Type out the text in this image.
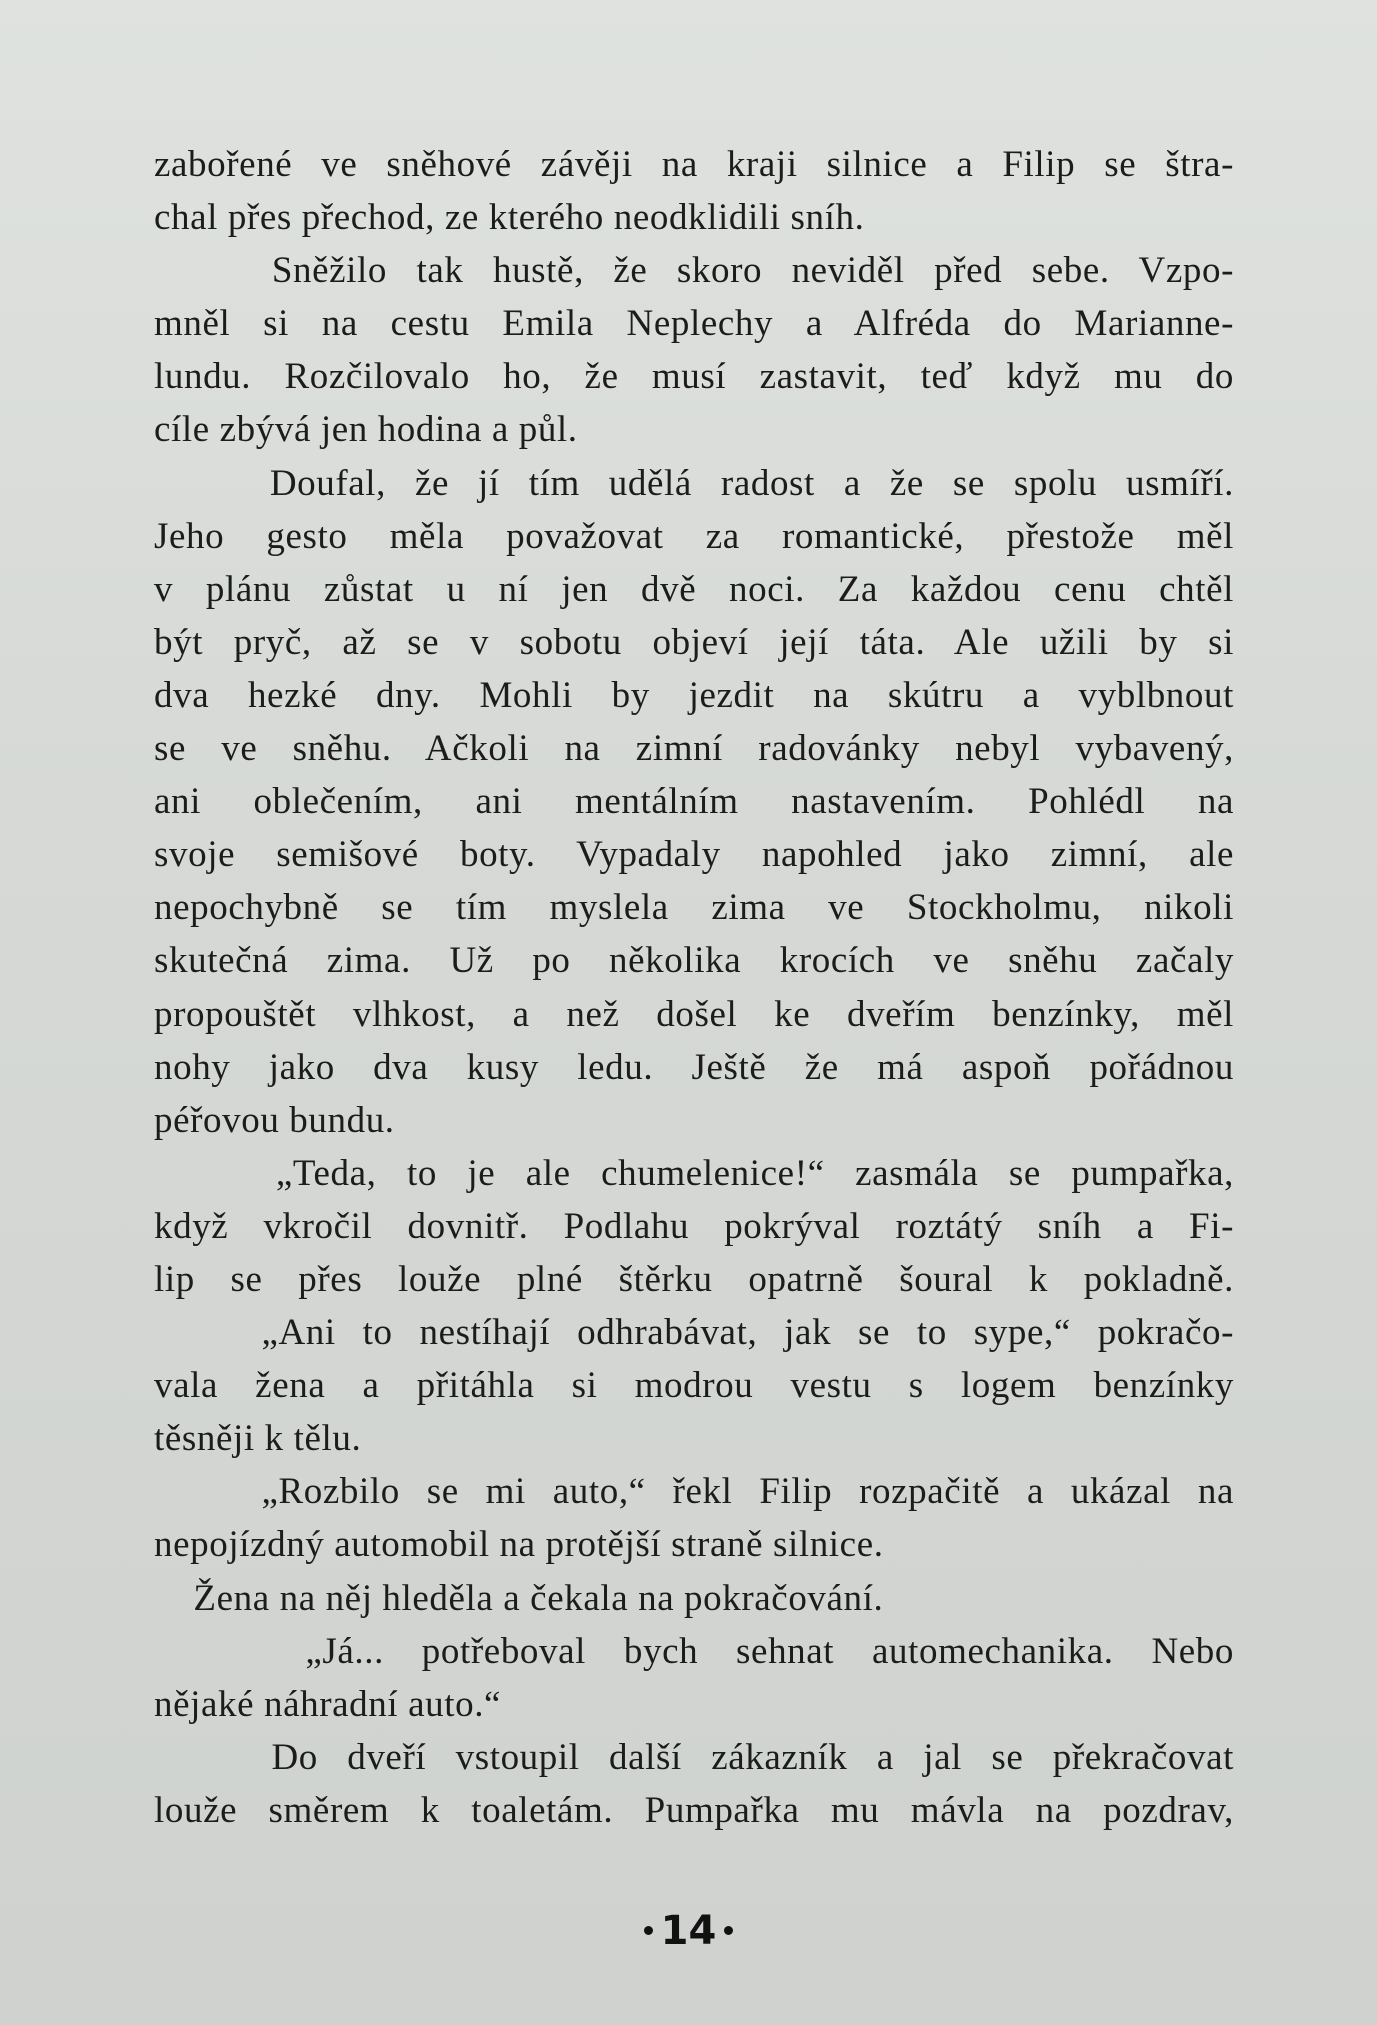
zabořené ve sněhové závěji na kraji silnice a Filip se štra-
chal přes přechod, ze kterého neodklidili sníh.
Sněžilo tak hustě, že skoro neviděl před sebe. Vzpo-
mněl si na cestu Emila Neplechy a Alfréda do Marianne-
lundu. Rozčilovalo ho, že musí zastavit, teď když mu do
cíle zbývá jen hodina a půl.
Doufal, že jí tím udělá radost a že se spolu usmíří.
Jeho gesto měla považovat za romantické, přestože měl
v plánu zůstat u ní jen dvě noci. Za každou cenu chtěl
být pryč, až se v sobotu objeví její táta. Ale užili by si
dva hezké dny. Mohli by jezdit na skútru a vyblbnout
se ve sněhu. Ačkoli na zimní radovánky nebyl vybavený,
ani oblečením, ani mentálním nastavením. Pohlédl na
svoje semišové boty. Vypadaly napohled jako zimní, ale
nepochybně se tím myslela zima ve Stockholmu, nikoli
skutečná zima. Už po několika krocích ve sněhu začaly
propouštět vlhkost, a než došel ke dveřím benzínky, měl
nohy jako dva kusy ledu. Ještě že má aspoň pořádnou
péřovou bundu.
„Teda, to je ale chumelenice!“ zasmála se pumpařka,
když vkročil dovnitř. Podlahu pokrýval roztátý sníh a Fi-
lip se přes louže plné štěrku opatrně šoural k pokladně.
„Ani to nestíhají odhrabávat, jak se to sype,“ pokračo-
vala žena a přitáhla si modrou vestu s logem benzínky
těsněji k tělu.
„Rozbilo se mi auto,“ řekl Filip rozpačitě a ukázal na
nepojízdný automobil na protější straně silnice.
Žena na něj hleděla a čekala na pokračování.
„Já... potřeboval bych sehnat automechanika. Nebo
nějaké náhradní auto.“
Do dveří vstoupil další zákazník a jal se překračovat
louže směrem k toaletám. Pumpařka mu mávla na pozdrav,
14
